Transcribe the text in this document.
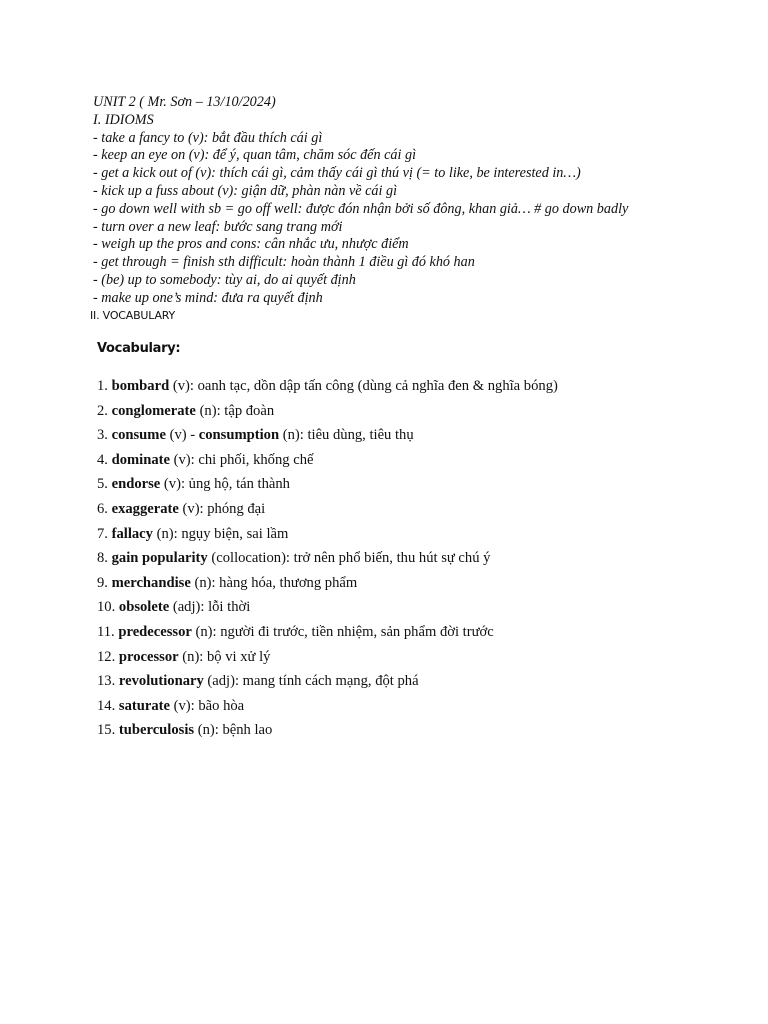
UNIT 2 ( Mr. Sơn – 13/10/2024)
I. IDIOMS
- take a fancy to (v): bắt đầu thích cái gì
- keep an eye on (v): để ý, quan tâm, chăm sóc đến cái gì
- get a kick out of (v): thích cái gì, cảm thấy cái gì thú vị (= to like, be interested in…)
- kick up a fuss about (v): giận dữ, phàn nàn về cái gì
- go down well with sb = go off well: được đón nhận bởi số đông, khan giả… # go down badly
- turn over a new leaf: bước sang trang mới
- weigh up the pros and cons: cân nhắc ưu, nhược điểm
- get through = finish sth difficult: hoàn thành 1 điều gì đó khó han
- (be) up to somebody: tùy ai, do ai quyết định
- make up one’s mind: đưa ra quyết định
II. VOCABULARY
Vocabulary:
1. bombard (v): oanh tạc, dồn dập tấn công (dùng cả nghĩa đen & nghĩa bóng)
2. conglomerate (n): tập đoàn
3. consume (v) - consumption (n): tiêu dùng, tiêu thụ
4. dominate (v): chi phối, khống chế
5. endorse (v): ủng hộ, tán thành
6. exaggerate (v): phóng đại
7. fallacy (n): ngụy biện, sai lầm
8. gain popularity (collocation): trở nên phổ biến, thu hút sự chú ý
9. merchandise (n): hàng hóa, thương phẩm
10. obsolete (adj): lỗi thời
11. predecessor (n): người đi trước, tiền nhiệm, sản phẩm đời trước
12. processor (n): bộ vi xử lý
13. revolutionary (adj): mang tính cách mạng, đột phá
14. saturate (v): bão hòa
15. tuberculosis (n): bệnh lao
